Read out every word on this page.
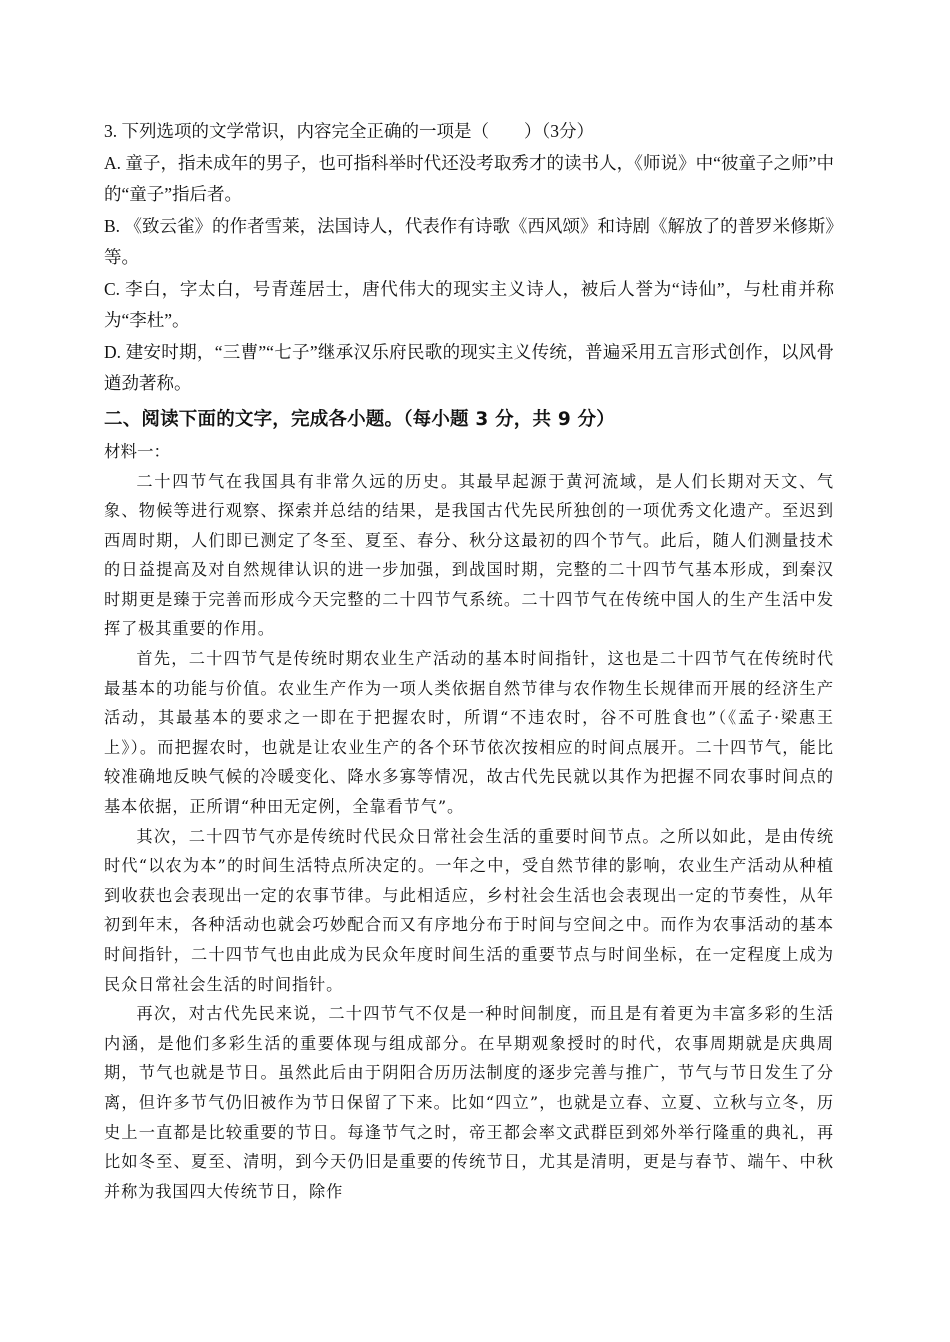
3. 下列选项的文学常识，内容完全正确的一项是（　　）（3分）

A. 童子，指未成年的男子，也可指科举时代还没考取秀才的读书人，《师说》中“彼童子之师”中的“童子”指后者。

B. 《致云雀》的作者雪莱，法国诗人，代表作有诗歌《西风颂》和诗剧《解放了的普罗米修斯》等。

C. 李白，字太白，号青莲居士，唐代伟大的现实主义诗人，被后人誉为“诗仙”，与杜甫并称为“李杜”。

D. 建安时期，“三曹”“七子”继承汉乐府民歌的现实主义传统，普遍采用五言形式创作，以风骨遒劲著称。

二、阅读下面的文字，完成各小题。（每小题 3 分，共 9 分）

材料一：

二十四节气在我国具有非常久远的历史。其最早起源于黄河流域，是人们长期对天文、气象、物候等进行观察、探索并总结的结果，是我国古代先民所独创的一项优秀文化遗产。至迟到西周时期，人们即已测定了冬至、夏至、春分、秋分这最初的四个节气。此后，随人们测量技术的日益提高及对自然规律认识的进一步加强，到战国时期，完整的二十四节气基本形成，到秦汉时期更是臻于完善而形成今天完整的二十四节气系统。二十四节气在传统中国人的生产生活中发挥了极其重要的作用。

首先，二十四节气是传统时期农业生产活动的基本时间指针，这也是二十四节气在传统时代最基本的功能与价值。农业生产作为一项人类依据自然节律与农作物生长规律而开展的经济生产活动，其最基本的要求之一即在于把握农时，所谓“不违农时，谷不可胜食也”（《孟子·梁惠王上》）。而把握农时，也就是让农业生产的各个环节依次按相应的时间点展开。二十四节气，能比较准确地反映气候的冷暖变化、降水多寡等情况，故古代先民就以其作为把握不同农事时间点的基本依据，正所谓“种田无定例，全靠看节气”。

其次，二十四节气亦是传统时代民众日常社会生活的重要时间节点。之所以如此，是由传统时代“以农为本”的时间生活特点所决定的。一年之中，受自然节律的影响，农业生产活动从种植到收获也会表现出一定的农事节律。与此相适应，乡村社会生活也会表现出一定的节奏性，从年初到年末，各种活动也就会巧妙配合而又有序地分布于时间与空间之中。而作为农事活动的基本时间指针，二十四节气也由此成为民众年度时间生活的重要节点与时间坐标，在一定程度上成为民众日常社会生活的时间指针。

再次，对古代先民来说，二十四节气不仅是一种时间制度，而且是有着更为丰富多彩的生活内涵，是他们多彩生活的重要体现与组成部分。在早期观象授时的时代，农事周期就是庆典周期，节气也就是节日。虽然此后由于阴阳合历历法制度的逐步完善与推广，节气与节日发生了分离，但许多节气仍旧被作为节日保留了下来。比如“四立”，也就是立春、立夏、立秋与立冬，历史上一直都是比较重要的节日。每逢节气之时，帝王都会率文武群臣到郊外举行隆重的典礼，再比如冬至、夏至、清明，到今天仍旧是重要的传统节日，尤其是清明，更是与春节、端午、中秋并称为我国四大传统节日，除作
